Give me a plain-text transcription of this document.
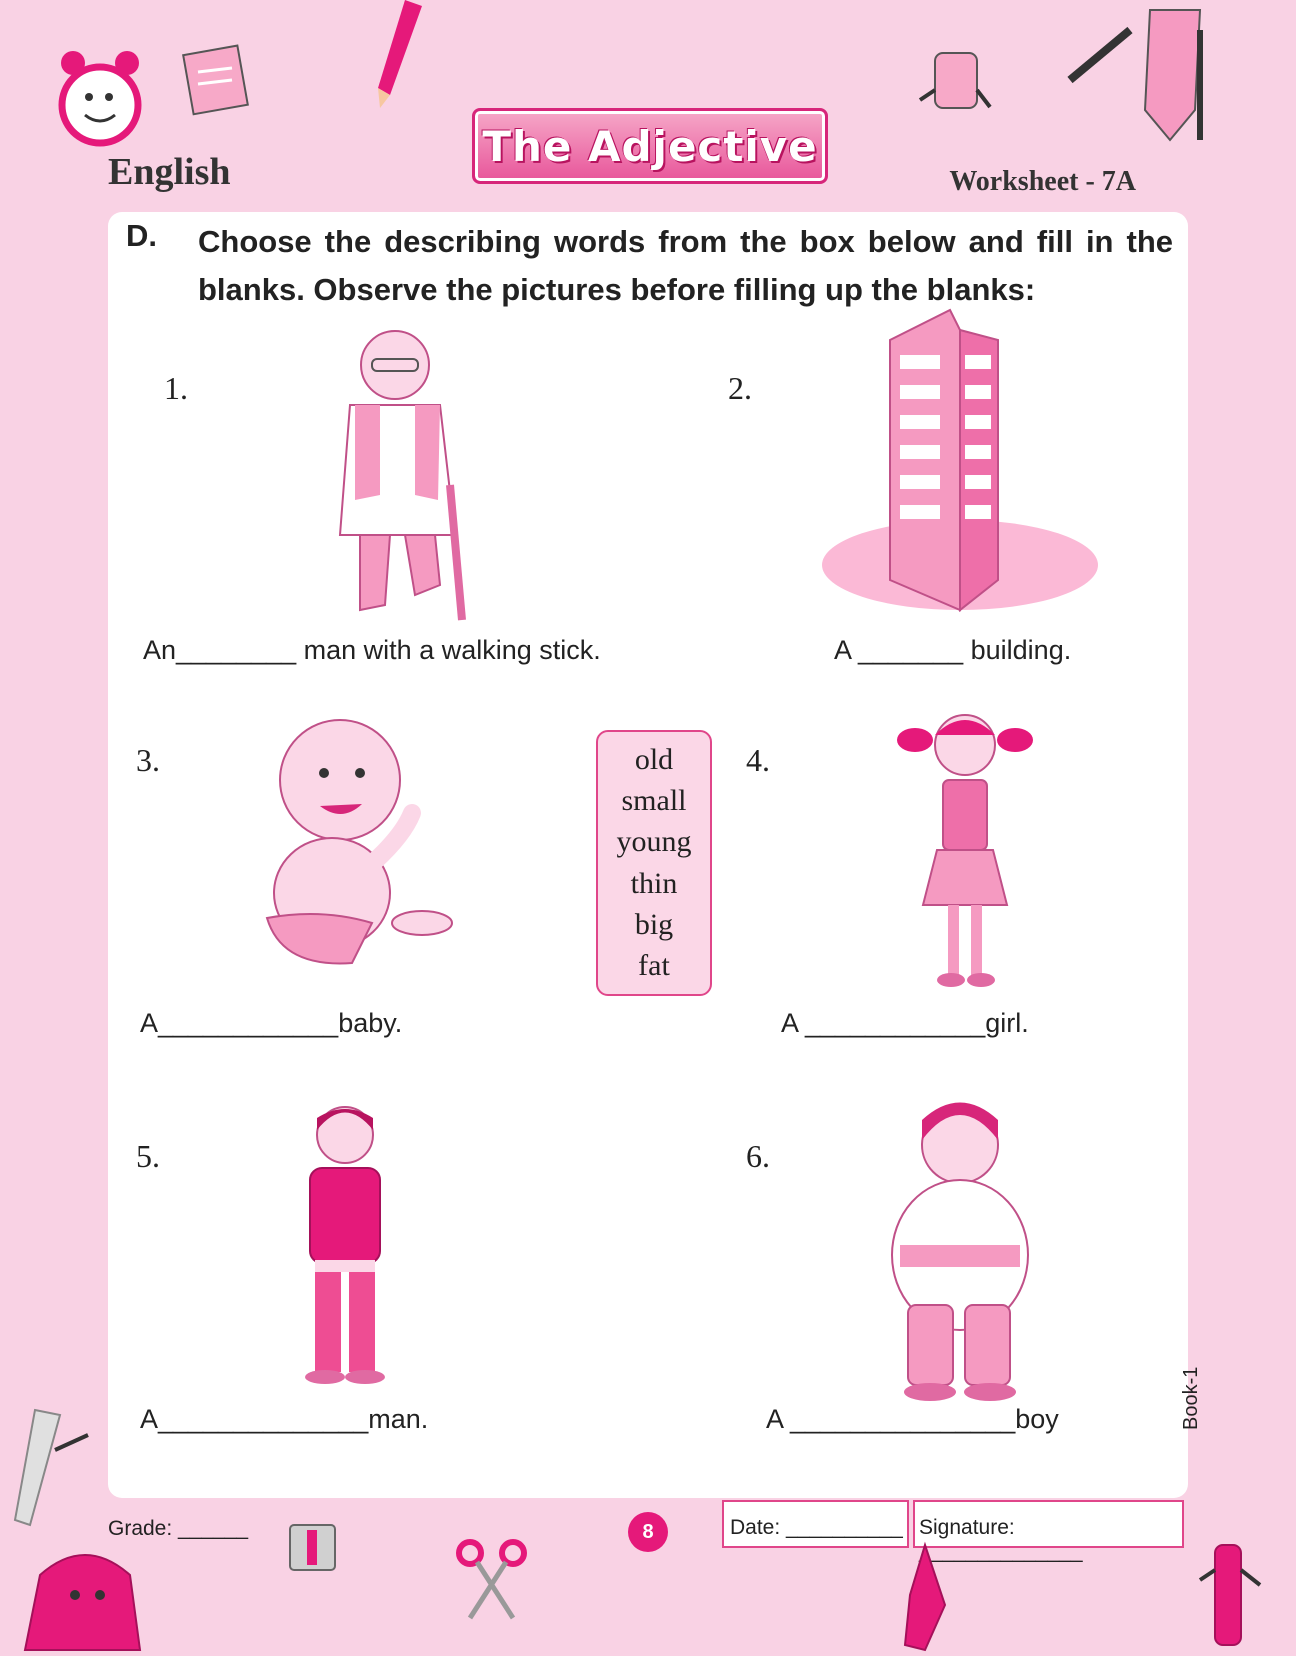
English
The Adjective
Worksheet - 7A
D. Choose the describing words from the box below and fill in the blanks. Observe the pictures before filling up the blanks:
1.
An________ man with a walking stick.
2.
A _______ building.
3.
A____________baby.
old
small
young
thin
big
fat
4.
A ____________girl.
5.
A______________man.
6.
A _______________boy
Grade: ______	8	Date: __________ Signature: ______________
Book-1
